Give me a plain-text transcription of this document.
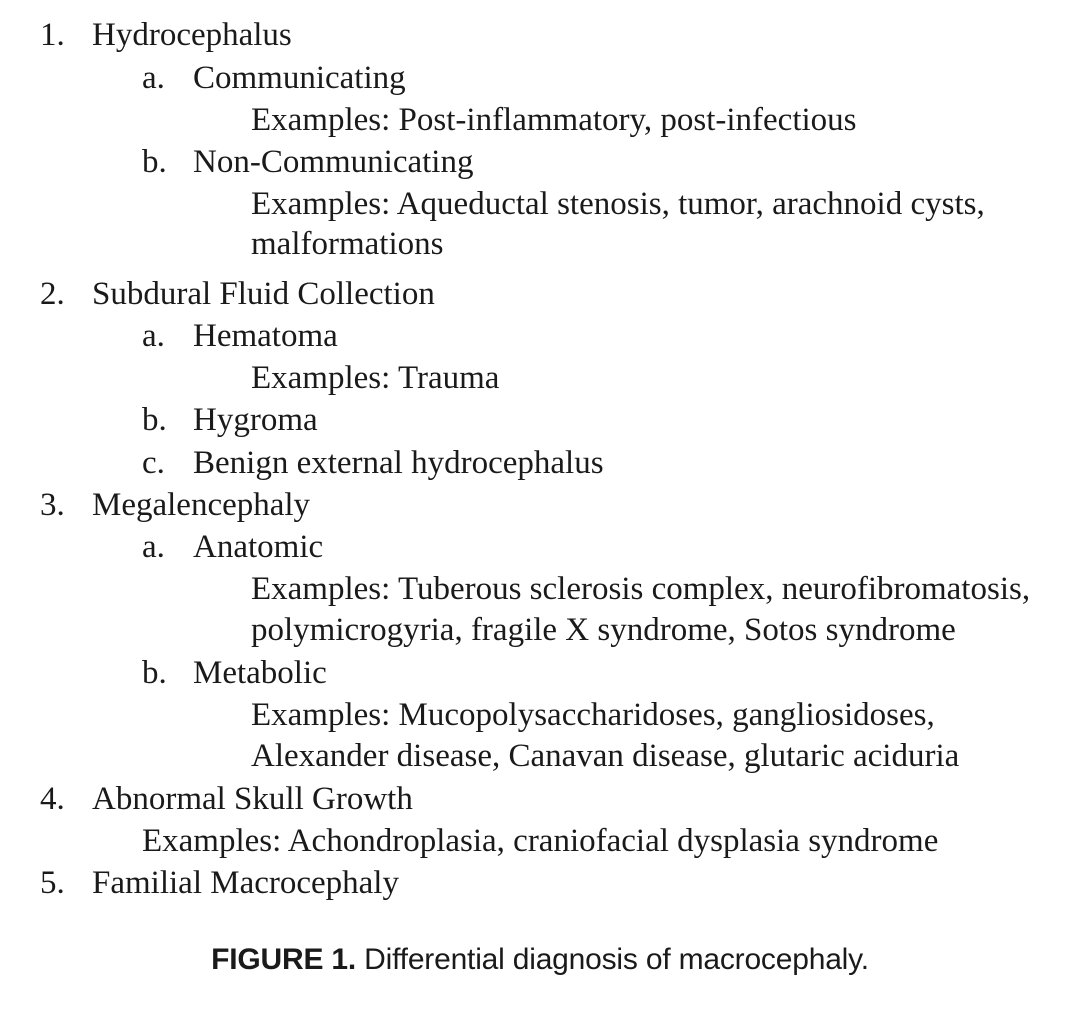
1. Hydrocephalus
a. Communicating
Examples: Post-inflammatory, post-infectious
b. Non-Communicating
Examples: Aqueductal stenosis, tumor, arachnoid cysts,
malformations
2. Subdural Fluid Collection
a. Hematoma
Examples: Trauma
b. Hygroma
c. Benign external hydrocephalus
3. Megalencephaly
a. Anatomic
Examples: Tuberous sclerosis complex, neurofibromatosis,
polymicrogyria, fragile X syndrome, Sotos syndrome
b. Metabolic
Examples: Mucopolysaccharidoses, gangliosidoses,
Alexander disease, Canavan disease, glutaric aciduria
4. Abnormal Skull Growth
Examples: Achondroplasia, craniofacial dysplasia syndrome
5. Familial Macrocephaly
FIGURE 1. Differential diagnosis of macrocephaly.
